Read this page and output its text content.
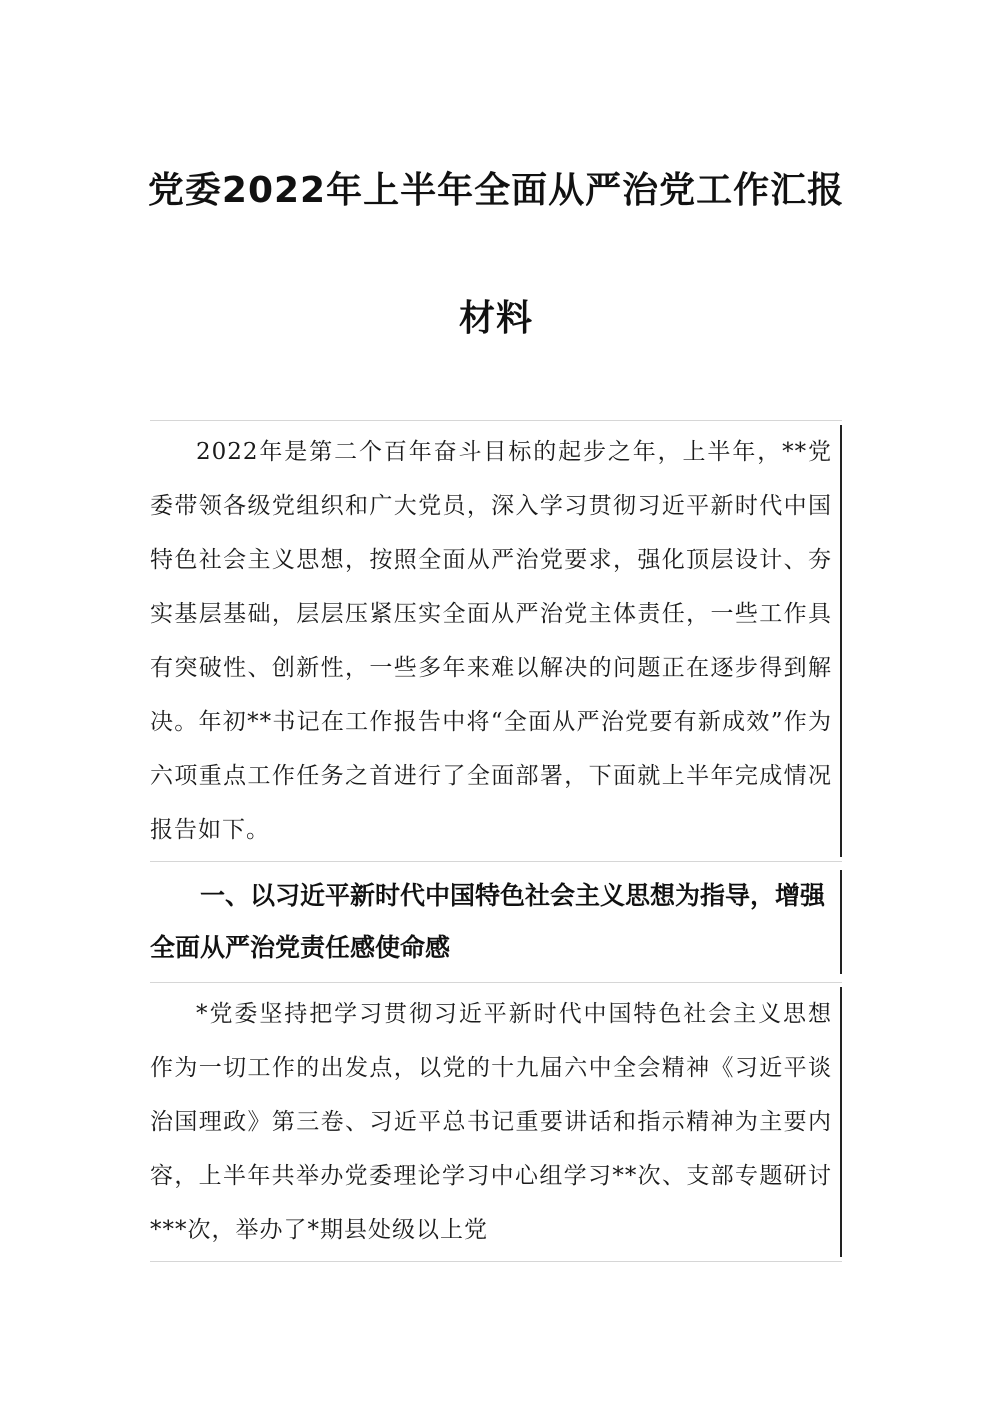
党委2022年上半年全面从严治党工作汇报
材料

2022年是第二个百年奋斗目标的起步之年，上半年，**党委带领各级党组织和广大党员，深入学习贯彻习近平新时代中国特色社会主义思想，按照全面从严治党要求，强化顶层设计、夯实基层基础，层层压紧压实全面从严治党主体责任，一些工作具有突破性、创新性，一些多年来难以解决的问题正在逐步得到解决。年初**书记在工作报告中将“全面从严治党要有新成效”作为六项重点工作任务之首进行了全面部署，下面就上半年完成情况报告如下。

一、以习近平新时代中国特色社会主义思想为指导，增强全面从严治党责任感使命感

*党委坚持把学习贯彻习近平新时代中国特色社会主义思想作为一切工作的出发点，以党的十九届六中全会精神《习近平谈治国理政》第三卷、习近平总书记重要讲话和指示精神为主要内容，上半年共举办党委理论学习中心组学习**次、支部专题研讨***次，举办了*期县处级以上党
